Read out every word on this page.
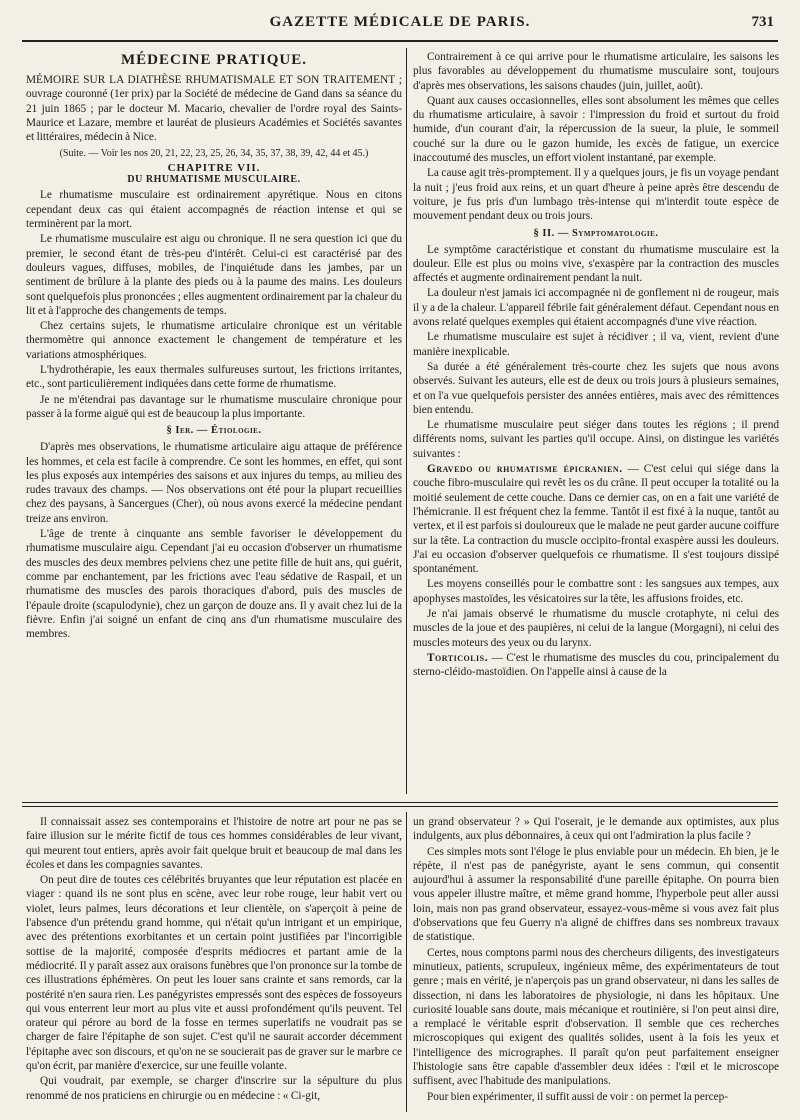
GAZETTE MÉDICALE DE PARIS.	731
MÉDECINE PRATIQUE.

MÉMOIRE SUR LA DIATHÈSE RHUMATISMALE ET SON TRAITEMENT ; ouvrage couronné (1er prix) par la Société de médecine de Gand dans sa séance du 21 juin 1865 ; par le docteur M. Macario, chevalier de l'ordre royal des Saints-Maurice et Lazare, membre et lauréat de plusieurs Académies et Sociétés savantes et littéraires, médecin à Nice.

(Suite. — Voir les nos 20, 21, 22, 23, 25, 26, 34, 35, 37, 38, 39, 42, 44 et 45.)
CHAPITRE VII.
DU RHUMATISME MUSCULAIRE.

Le rhumatisme musculaire est ordinairement apyrétique. Nous en citons cependant deux cas qui étaient accompagnés de réaction intense et qui se terminèrent par la mort.

Le rhumatisme musculaire est aigu ou chronique. Il ne sera question ici que du premier, le second étant de très-peu d'intérêt. Celui-ci est caractérisé par des douleurs vagues, diffuses, mobiles, de l'inquiétude dans les jambes, par un sentiment de brûlure à la plante des pieds ou à la paume des mains. Les douleurs sont quelquefois plus prononcées ; elles augmentent ordinairement par la chaleur du lit et à l'approche des changements de temps.

Chez certains sujets, le rhumatisme articulaire chronique est un véritable thermomètre qui annonce exactement le changement de température et les variations atmosphériques.

L'hydrothérapie, les eaux thermales sulfureuses surtout, les frictions irritantes, etc., sont particulièrement indiquées dans cette forme de rhumatisme.

Je ne m'étendrai pas davantage sur le rhumatisme musculaire chronique pour passer à la forme aiguë qui est de beaucoup la plus importante.

§ Ier. — Étiologie.

D'après mes observations, le rhumatisme articulaire aigu attaque de préférence les hommes, et cela est facile à comprendre. Ce sont les hommes, en effet, qui sont les plus exposés aux intempéries des saisons et aux injures du temps, au milieu des rudes travaux des champs. — Nos observations ont été pour la plupart recueillies chez des paysans, à Sancergues (Cher), où nous avons exercé la médecine pendant treize ans environ.

L'âge de trente à cinquante ans semble favoriser le développement du rhumatisme musculaire aigu. Cependant j'ai eu occasion d'observer un rhumatisme des muscles des deux membres pelviens chez une petite fille de huit ans, qui guérit, comme par enchantement, par les frictions avec l'eau sédative de Raspail, et un rhumatisme des muscles des parois thoraciques d'abord, puis des muscles de l'épaule droite (scapulodynie), chez un garçon de douze ans. Il y avait chez lui de la fièvre. Enfin j'ai soigné un enfant de cinq ans d'un rhumatisme musculaire des membres.

Contrairement à ce qui arrive pour le rhumatisme articulaire, les saisons les plus favorables au développement du rhumatisme musculaire sont, toujours d'après mes observations, les saisons chaudes (juin, juillet, août).

Quant aux causes occasionnelles, elles sont absolument les mêmes que celles du rhumatisme articulaire, à savoir : l'impression du froid et surtout du froid humide, d'un courant d'air, la répercussion de la sueur, la pluie, le sommeil couché sur la dure ou le gazon humide, les excès de fatigue, un exercice inaccoutumé des muscles, un effort violent instantané, par exemple.

La cause agit très-promptement. Il y a quelques jours, je fis un voyage pendant la nuit ; j'eus froid aux reins, et un quart d'heure à peine après être descendu de voiture, je fus pris d'un lumbago très-intense qui m'interdit toute espèce de mouvement pendant deux ou trois jours.

§ II. — Symptomatologie.

Le symptôme caractéristique et constant du rhumatisme musculaire est la douleur. Elle est plus ou moins vive, s'exaspère par la contraction des muscles affectés et augmente ordinairement pendant la nuit.

La douleur n'est jamais ici accompagnée ni de gonflement ni de rougeur, mais il y a de la chaleur. L'appareil fébrile fait généralement défaut. Cependant nous en avons relaté quelques exemples qui étaient accompagnés d'une vive réaction.

Le rhumatisme musculaire est sujet à récidiver ; il va, vient, revient d'une manière inexplicable.

Sa durée a été généralement très-courte chez les sujets que nous avons observés. Suivant les auteurs, elle est de deux ou trois jours à plusieurs semaines, et on l'a vue quelquefois persister des années entières, mais avec des rémittences bien entendu.

Le rhumatisme musculaire peut siéger dans toutes les régions ; il prend différents noms, suivant les parties qu'il occupe. Ainsi, on distingue les variétés suivantes :

Gravedo ou rhumatisme épicranien. — C'est celui qui siége dans la couche fibro-musculaire qui revêt les os du crâne. Il peut occuper la totalité ou la moitié seulement de cette couche. Dans ce dernier cas, on en a fait une variété de l'hémicranie. Il est fréquent chez la femme. Tantôt il est fixé à la nuque, tantôt au vertex, et il est parfois si douloureux que le malade ne peut garder aucune coiffure sur la tête. La contraction du muscle occipito-frontal exaspère aussi les douleurs. J'ai eu occasion d'observer quelquefois ce rhumatisme. Il s'est toujours dissipé spontanément.

Les moyens conseillés pour le combattre sont : les sangsues aux tempes, aux apophyses mastoïdes, les vésicatoires sur la tête, les affusions froides, etc.

Je n'ai jamais observé le rhumatisme du muscle crotaphyte, ni celui des muscles de la joue et des paupières, ni celui de la langue (Morgagni), ni celui des muscles moteurs des yeux ou du larynx.

Torticolis. — C'est le rhumatisme des muscles du cou, principalement du sterno-cléido-mastoïdien. On l'appelle ainsi à cause de la

Il connaissait assez ses contemporains et l'histoire de notre art pour ne pas se faire illusion sur le mérite fictif de tous ces hommes considérables de leur vivant, qui meurent tout entiers, après avoir fait quelque bruit et beaucoup de mal dans les écoles et dans les compagnies savantes.

On peut dire de toutes ces célébrités bruyantes que leur réputation est placée en viager : quand ils ne sont plus en scène, avec leur robe rouge, leur habit vert ou violet, leurs palmes, leurs décorations et leur clientèle, on s'aperçoit à peine de l'absence d'un prétendu grand homme, qui n'était qu'un intrigant et un empirique, avec des prétentions exorbitantes et un certain point justifiées par l'incorrigible sottise de la majorité, composée d'esprits médiocres et partant amie de la médiocrité. Il y paraît assez aux oraisons funèbres que l'on prononce sur la tombe de ces illustrations éphémères. On peut les louer sans crainte et sans remords, car la postérité n'en saura rien. Les panégyristes empressés sont des espèces de fossoyeurs qui vous enterrent leur mort au plus vite et aussi profondément qu'ils peuvent. Tel orateur qui pérore au bord de la fosse en termes superlatifs ne voudrait pas se charger de faire l'épitaphe de son sujet. C'est qu'il ne saurait accorder décemment l'épitaphe avec son discours, et qu'on ne se soucierait pas de graver sur le marbre ce qu'on écrit, par manière d'exercice, sur une feuille volante.

Qui voudrait, par exemple, se charger d'inscrire sur la sépulture du plus renommé de nos praticiens en chirurgie ou en médecine : « Ci-git,

un grand observateur ? » Qui l'oserait, je le demande aux optimistes, aux plus indulgents, aux plus débonnaires, à ceux qui ont l'admiration la plus facile ?

Ces simples mots sont l'éloge le plus enviable pour un médecin. Eh bien, je le répète, il n'est pas de panégyriste, ayant le sens commun, qui consentit aujourd'hui à assumer la responsabilité d'une pareille épitaphe. On pourra bien vous appeler illustre maître, et même grand homme, l'hyperbole peut aller aussi loin, mais non pas grand observateur, essayez-vous-même si vous avez fait plus d'observations que feu Guerry n'a aligné de chiffres dans ses nombreux travaux de statistique.

Certes, nous comptons parmi nous des chercheurs diligents, des investigateurs minutieux, patients, scrupuleux, ingénieux même, des expérimentateurs de tout genre ; mais en vérité, je n'aperçois pas un grand observateur, ni dans les salles de dissection, ni dans les laboratoires de physiologie, ni dans les hôpitaux. Une curiosité louable sans doute, mais mécanique et routinière, si l'on peut ainsi dire, a remplacé le véritable esprit d'observation. Il semble que ces recherches microscopiques qui exigent des qualités solides, usent à la fois les yeux et l'intelligence des micrographes. Il paraît qu'on peut parfaitement enseigner l'histologie sans être capable d'assembler deux idées : l'œil et le microscope suffisent, avec l'habitude des manipulations.

Pour bien expérimenter, il suffit aussi de voir : on permet la percep-
